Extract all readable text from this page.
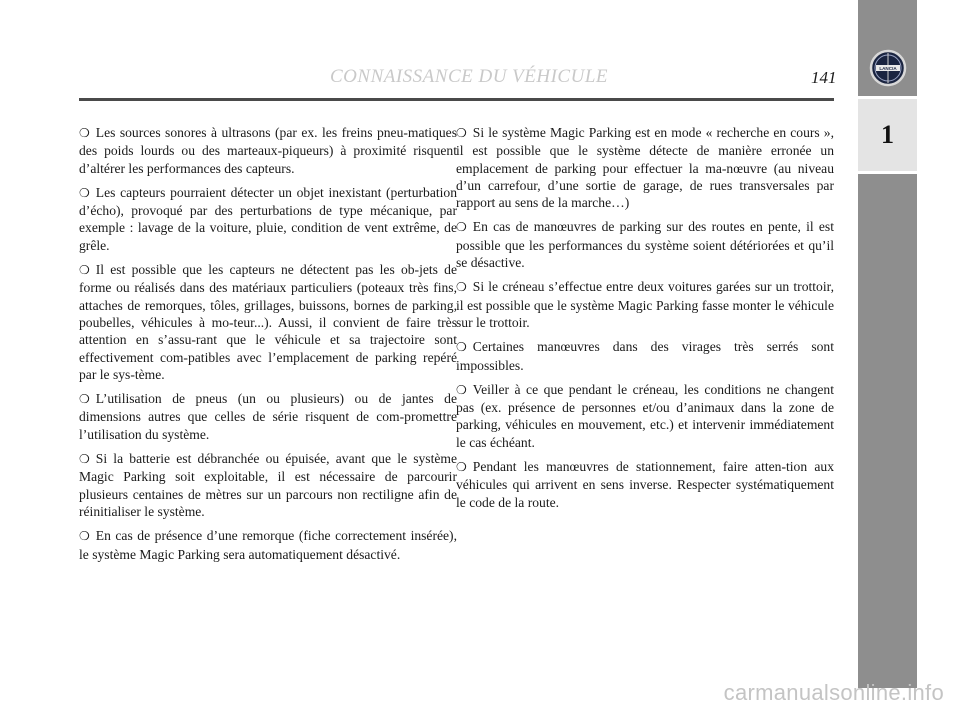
CONNAISSANCE DU VÉHICULE	141	LANCIA
1

❍ Les sources sonores à ultrasons (par ex. les freins pneu-matiques des poids lourds ou des marteaux-piqueurs) à proximité risquent d’altérer les performances des capteurs.

❍ Les capteurs pourraient détecter un objet inexistant (perturbation d’écho), provoqué par des perturbations de type mécanique, par exemple : lavage de la voiture, pluie, condition de vent extrême, de grêle.

❍ Il est possible que les capteurs ne détectent pas les ob-jets de forme ou réalisés dans des matériaux particuliers (poteaux très fins, attaches de remorques, tôles, grillages, buissons, bornes de parking, poubelles, véhicules à mo-teur...). Aussi, il convient de faire très attention en s’assu-rant que le véhicule et sa trajectoire sont effectivement com-patibles avec l’emplacement de parking repéré par le sys-tème.

❍ L’utilisation de pneus (un ou plusieurs) ou de jantes de dimensions autres que celles de série risquent de com-promettre l’utilisation du système.

❍ Si la batterie est débranchée ou épuisée, avant que le système Magic Parking soit exploitable, il est nécessaire de parcourir plusieurs centaines de mètres sur un parcours non rectiligne afin de réinitialiser le système.

❍ En cas de présence d’une remorque (fiche correctement insérée), le système Magic Parking sera automatiquement désactivé.

❍ Si le système Magic Parking est en mode « recherche en cours », il est possible que le système détecte de manière erronée un emplacement de parking pour effectuer la ma-nœuvre (au niveau d’un carrefour, d’une sortie de garage, de rues transversales par rapport au sens de la marche…)

❍ En cas de manœuvres de parking sur des routes en pente, il est possible que les performances du système soient détériorées et qu’il se désactive.

❍ Si le créneau s’effectue entre deux voitures garées sur un trottoir, il est possible que le système Magic Parking fasse monter le véhicule sur le trottoir.

❍ Certaines manœuvres dans des virages très serrés sont impossibles.

❍ Veiller à ce que pendant le créneau, les conditions ne changent pas (ex. présence de personnes et/ou d’animaux dans la zone de parking, véhicules en mouvement, etc.) et intervenir immédiatement le cas échéant.

❍ Pendant les manœuvres de stationnement, faire atten-tion aux véhicules qui arrivent en sens inverse. Respecter systématiquement le code de la route.

carmanualsonline.info
